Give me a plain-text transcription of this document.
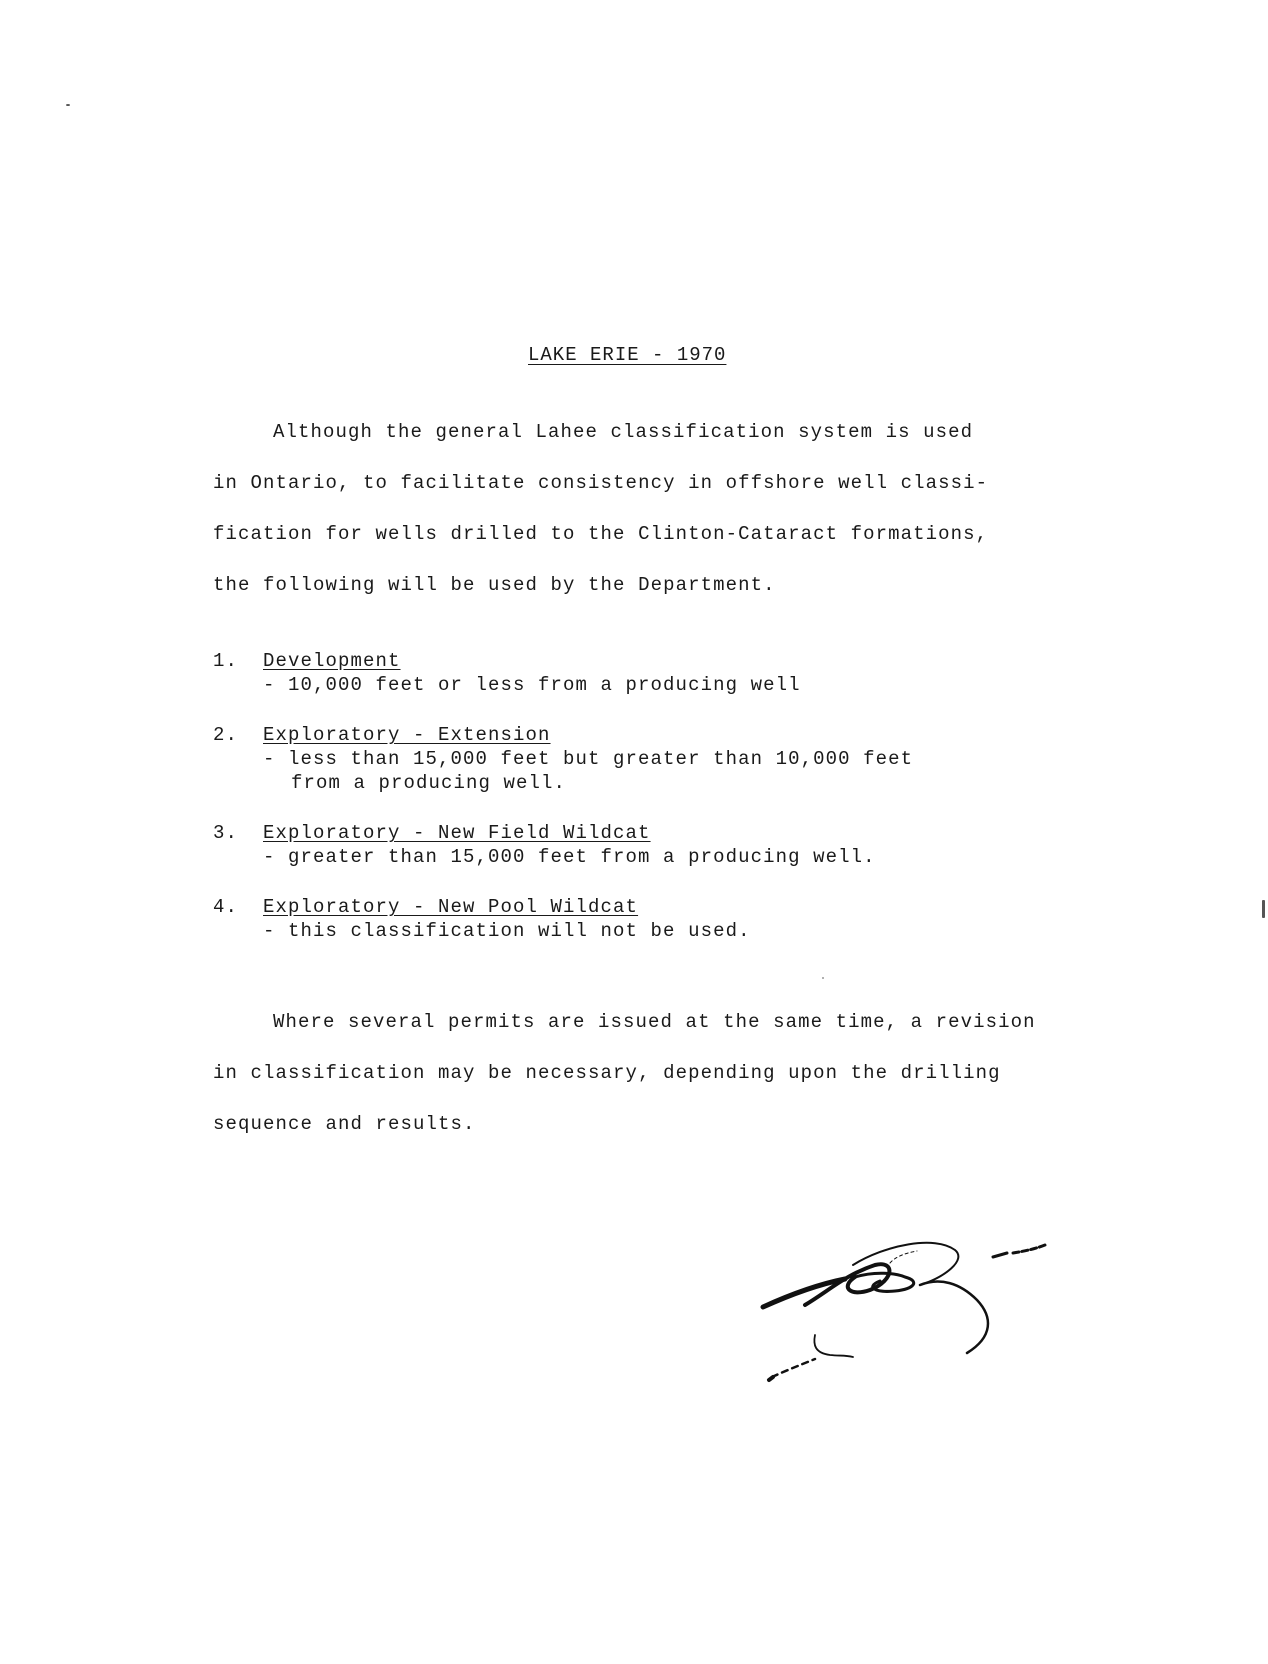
LAKE ERIE - 1970
Although the general Lahee classification system is used
in Ontario, to facilitate consistency in offshore well classi-
fication for wells drilled to the Clinton-Cataract formations,
the following will be used by the Department.
1. Development
- 10,000 feet or less from a producing well
2. Exploratory - Extension
- less than 15,000 feet but greater than 10,000 feet
from a producing well.
3. Exploratory - New Field Wildcat
- greater than 15,000 feet from a producing well.
4. Exploratory - New Pool Wildcat
- this classification will not be used.
Where several permits are issued at the same time, a revision
in classification may be necessary, depending upon the drilling
sequence and results.
